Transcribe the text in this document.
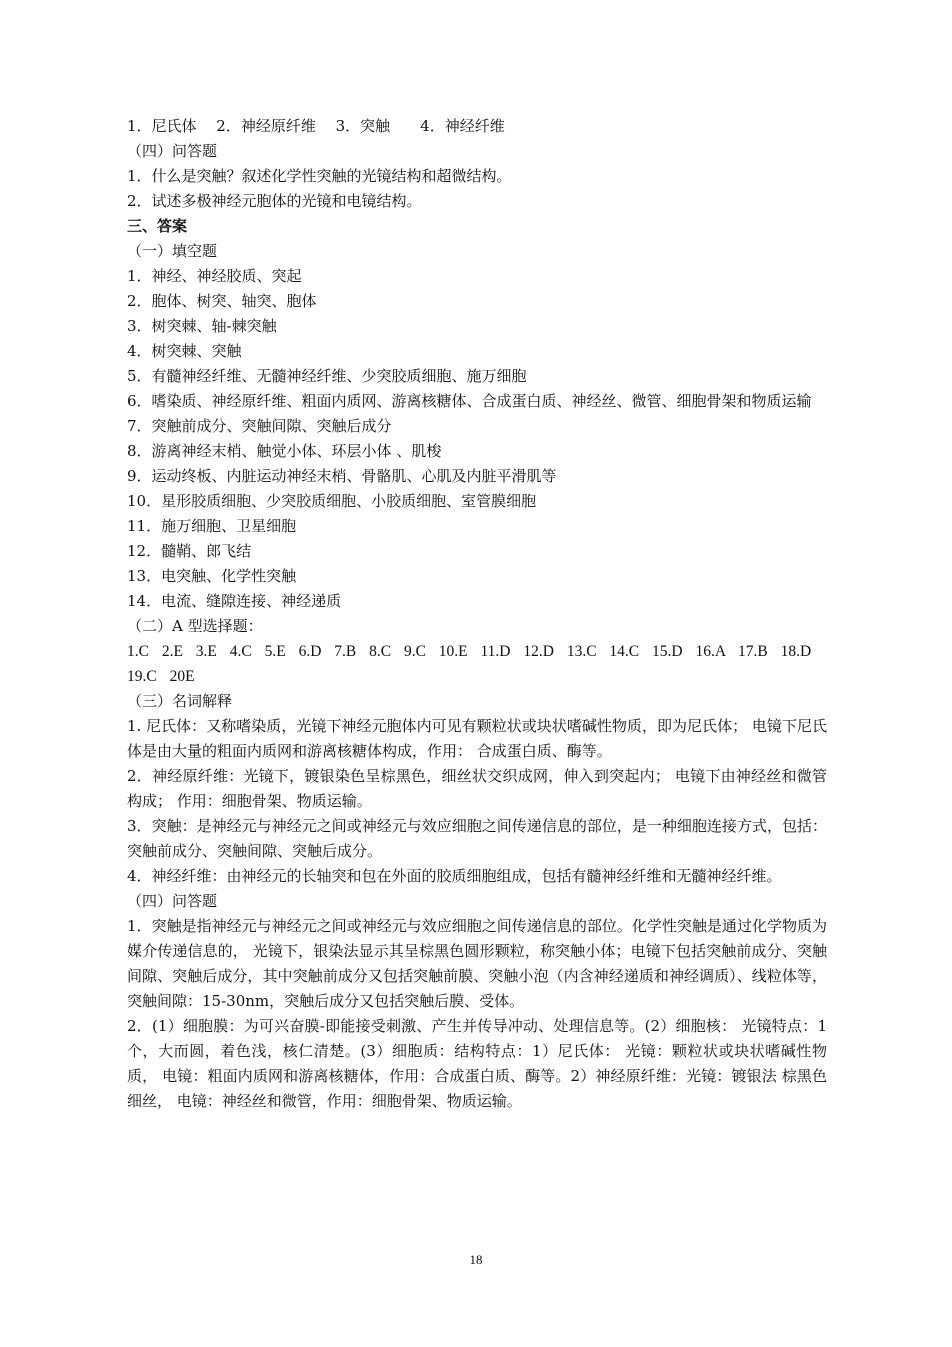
1．尼氏体　 2．神经原纤维　 3．突触　　4．神经纤维
（四）问答题
1．什么是突触？叙述化学性突触的光镜结构和超微结构。
2．试述多极神经元胞体的光镜和电镜结构。
三、答案
（一）填空题
1．神经、神经胶质、突起
2．胞体、树突、轴突、胞体
3．树突棘、轴-棘突触
4．树突棘、突触
5．有髓神经纤维、无髓神经纤维、少突胶质细胞、施万细胞
6．嗜染质、神经原纤维、粗面内质网、游离核糖体、合成蛋白质、神经丝、微管、细胞骨架和物质运输
7．突触前成分、突触间隙、突触后成分
8．游离神经末梢、触觉小体、环层小体 、肌梭
9．运动终板、内脏运动神经末梢、骨骼肌、心肌及内脏平滑肌等
10．星形胶质细胞、少突胶质细胞、小胶质细胞、室管膜细胞
11．施万细胞、卫星细胞
12．髓鞘、郎飞结
13．电突触、化学性突触
14．电流、缝隙连接、神经递质
（二）A 型选择题：
1.C 2.E 3.E 4.C 5.E 6.D 7.B 8.C 9.C 10.E 11.D 12.D 13.C 14.C 15.D 16.A 17.B 18.D 19.C 20E
（三）名词解释
1. 尼氏体：又称嗜染质，光镜下神经元胞体内可见有颗粒状或块状嗜碱性物质，即为尼氏体； 电镜下尼氏体是由大量的粗面内质网和游离核糖体构成，作用： 合成蛋白质、酶等。
2．神经原纤维：光镜下，镀银染色呈棕黑色，细丝状交织成网，伸入到突起内； 电镜下由神经丝和微管构成； 作用：细胞骨架、物质运输。
3．突触：是神经元与神经元之间或神经元与效应细胞之间传递信息的部位，是一种细胞连接方式，包括：突触前成分、突触间隙、突触后成分。
4．神经纤维：由神经元的长轴突和包在外面的胶质细胞组成，包括有髓神经纤维和无髓神经纤维。
（四）问答题
1．突触是指神经元与神经元之间或神经元与效应细胞之间传递信息的部位。化学性突触是通过化学物质为媒介传递信息的， 光镜下，银染法显示其呈棕黑色圆形颗粒，称突触小体；电镜下包括突触前成分、突触间隙、突触后成分，其中突触前成分又包括突触前膜、突触小泡（内含神经递质和神经调质）、线粒体等，突触间隙：15-30nm，突触后成分又包括突触后膜、受体。
2．(1）细胞膜：为可兴奋膜-即能接受刺激、产生并传导冲动、处理信息等。(2）细胞核： 光镜特点：1 个，大而圆，着色浅，核仁清楚。(3）细胞质：结构特点：1）尼氏体： 光镜：颗粒状或块状嗜碱性物质， 电镜：粗面内质网和游离核糖体，作用：合成蛋白质、酶等。2）神经原纤维：光镜：镀银法 棕黑色细丝， 电镜：神经丝和微管，作用：细胞骨架、物质运输。
18
